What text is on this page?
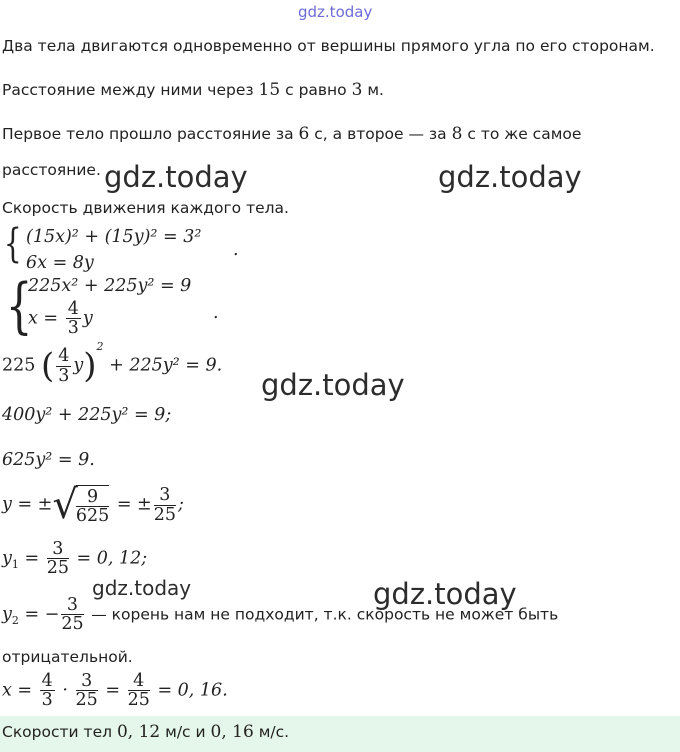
gdz.today
gdz.today	gdz.today
gdz.today
gdz.today	gdz.today
Два тела двигаются одновременно от вершины прямого угла по его сторонам.
Расстояние между ними через 15 с равно 3 м.
Первое тело прошло расстояние за 6 с, а второе — за 8 с то же самое
расстояние.
Скорость движения каждого тела.
{ (15x)² + (15y)² = 3²
6x = 8y
.
{
225x² + 225y² = 9
$x = \frac{4}{3}$ y	.
225 ( $\frac{4}{3} y)^2 + 225y^2 = 9$.
400y² + 225y² = 9;
625y² = 9.
y = ±√
$\frac{9}{625}$ = ± $\frac{3}{25}$ ;
$y_1 = \frac{3}{25} = 0$, 12;
$y_2$ = − $\frac{3}{25}$ — корень нам не подходит, т.к. скорость не может быть
отрицательной.
$x = \frac{4}{3} \cdot \frac{3}{25} = \frac{4}{25} = 0$, 16.
Скорости тел 0, 12 м/с и 0, 16 м/с.
